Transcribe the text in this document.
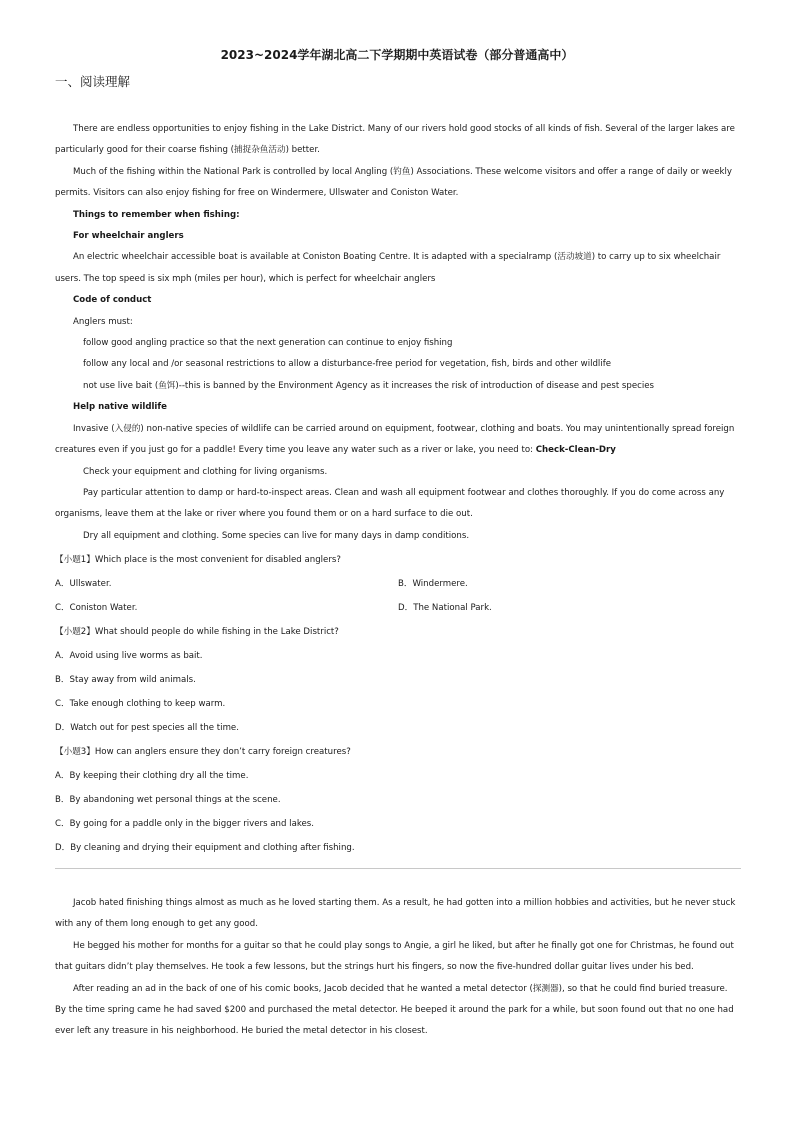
2023~2024学年湖北高二下学期期中英语试卷（部分普通高中）
一、阅读理解

There are endless opportunities to enjoy fishing in the Lake District. Many of our rivers hold good stocks of all kinds of fish. Several of the larger lakes are particularly good for their coarse fishing (捕捉杂鱼活动) better.

Much of the fishing within the National Park is controlled by local Angling (钓鱼) Associations. These welcome visitors and offer a range of daily or weekly permits. Visitors can also enjoy fishing for free on Windermere, Ullswater and Coniston Water.

Things to remember when fishing:

For wheelchair anglers

An electric wheelchair accessible boat is available at Coniston Boating Centre. It is adapted with a specialramp (活动坡道) to carry up to six wheelchair users. The top speed is six mph (miles per hour), which is perfect for wheelchair anglers

Code of conduct

Anglers must:

follow good angling practice so that the next generation can continue to enjoy fishing

follow any local and /or seasonal restrictions to allow a disturbance-free period for vegetation, fish, birds and other wildlife

not use live bait (鱼饵)--this is banned by the Environment Agency as it increases the risk of introduction of disease and pest species

Help native wildlife

Invasive (入侵的) non-native species of wildlife can be carried around on equipment, footwear, clothing and boats. You may unintentionally spread foreign creatures even if you just go for a paddle! Every time you leave any water such as a river or lake, you need to: Check-Clean-Dry

Check your equipment and clothing for living organisms.

Pay particular attention to damp or hard-to-inspect areas. Clean and wash all equipment footwear and clothes thoroughly. If you do come across any organisms, leave them at the lake or river where you found them or on a hard surface to die out.

Dry all equipment and clothing. Some species can live for many days in damp conditions.

【小题1】Which place is the most convenient for disabled anglers?
A．Ullswater.	B．Windermere.
C．Coniston Water.	D．The National Park.
【小题2】What should people do while fishing in the Lake District?
A．Avoid using live worms as bait.
B．Stay away from wild animals.
C．Take enough clothing to keep warm.
D．Watch out for pest species all the time.
【小题3】How can anglers ensure they don’t carry foreign creatures?
A．By keeping their clothing dry all the time.
B．By abandoning wet personal things at the scene.
C．By going for a paddle only in the bigger rivers and lakes.
D．By cleaning and drying their equipment and clothing after fishing.

Jacob hated finishing things almost as much as he loved starting them. As a result, he had gotten into a million hobbies and activities, but he never stuck with any of them long enough to get any good.

He begged his mother for months for a guitar so that he could play songs to Angie, a girl he liked, but after he finally got one for Christmas, he found out that guitars didn’t play themselves. He took a few lessons, but the strings hurt his fingers, so now the five-hundred dollar guitar lives under his bed.

After reading an ad in the back of one of his comic books, Jacob decided that he wanted a metal detector (探测器), so that he could find buried treasure. By the time spring came he had saved $200 and purchased the metal detector. He beeped it around the park for a while, but soon found out that no one had ever left any treasure in his neighborhood. He buried the metal detector in his closest.
